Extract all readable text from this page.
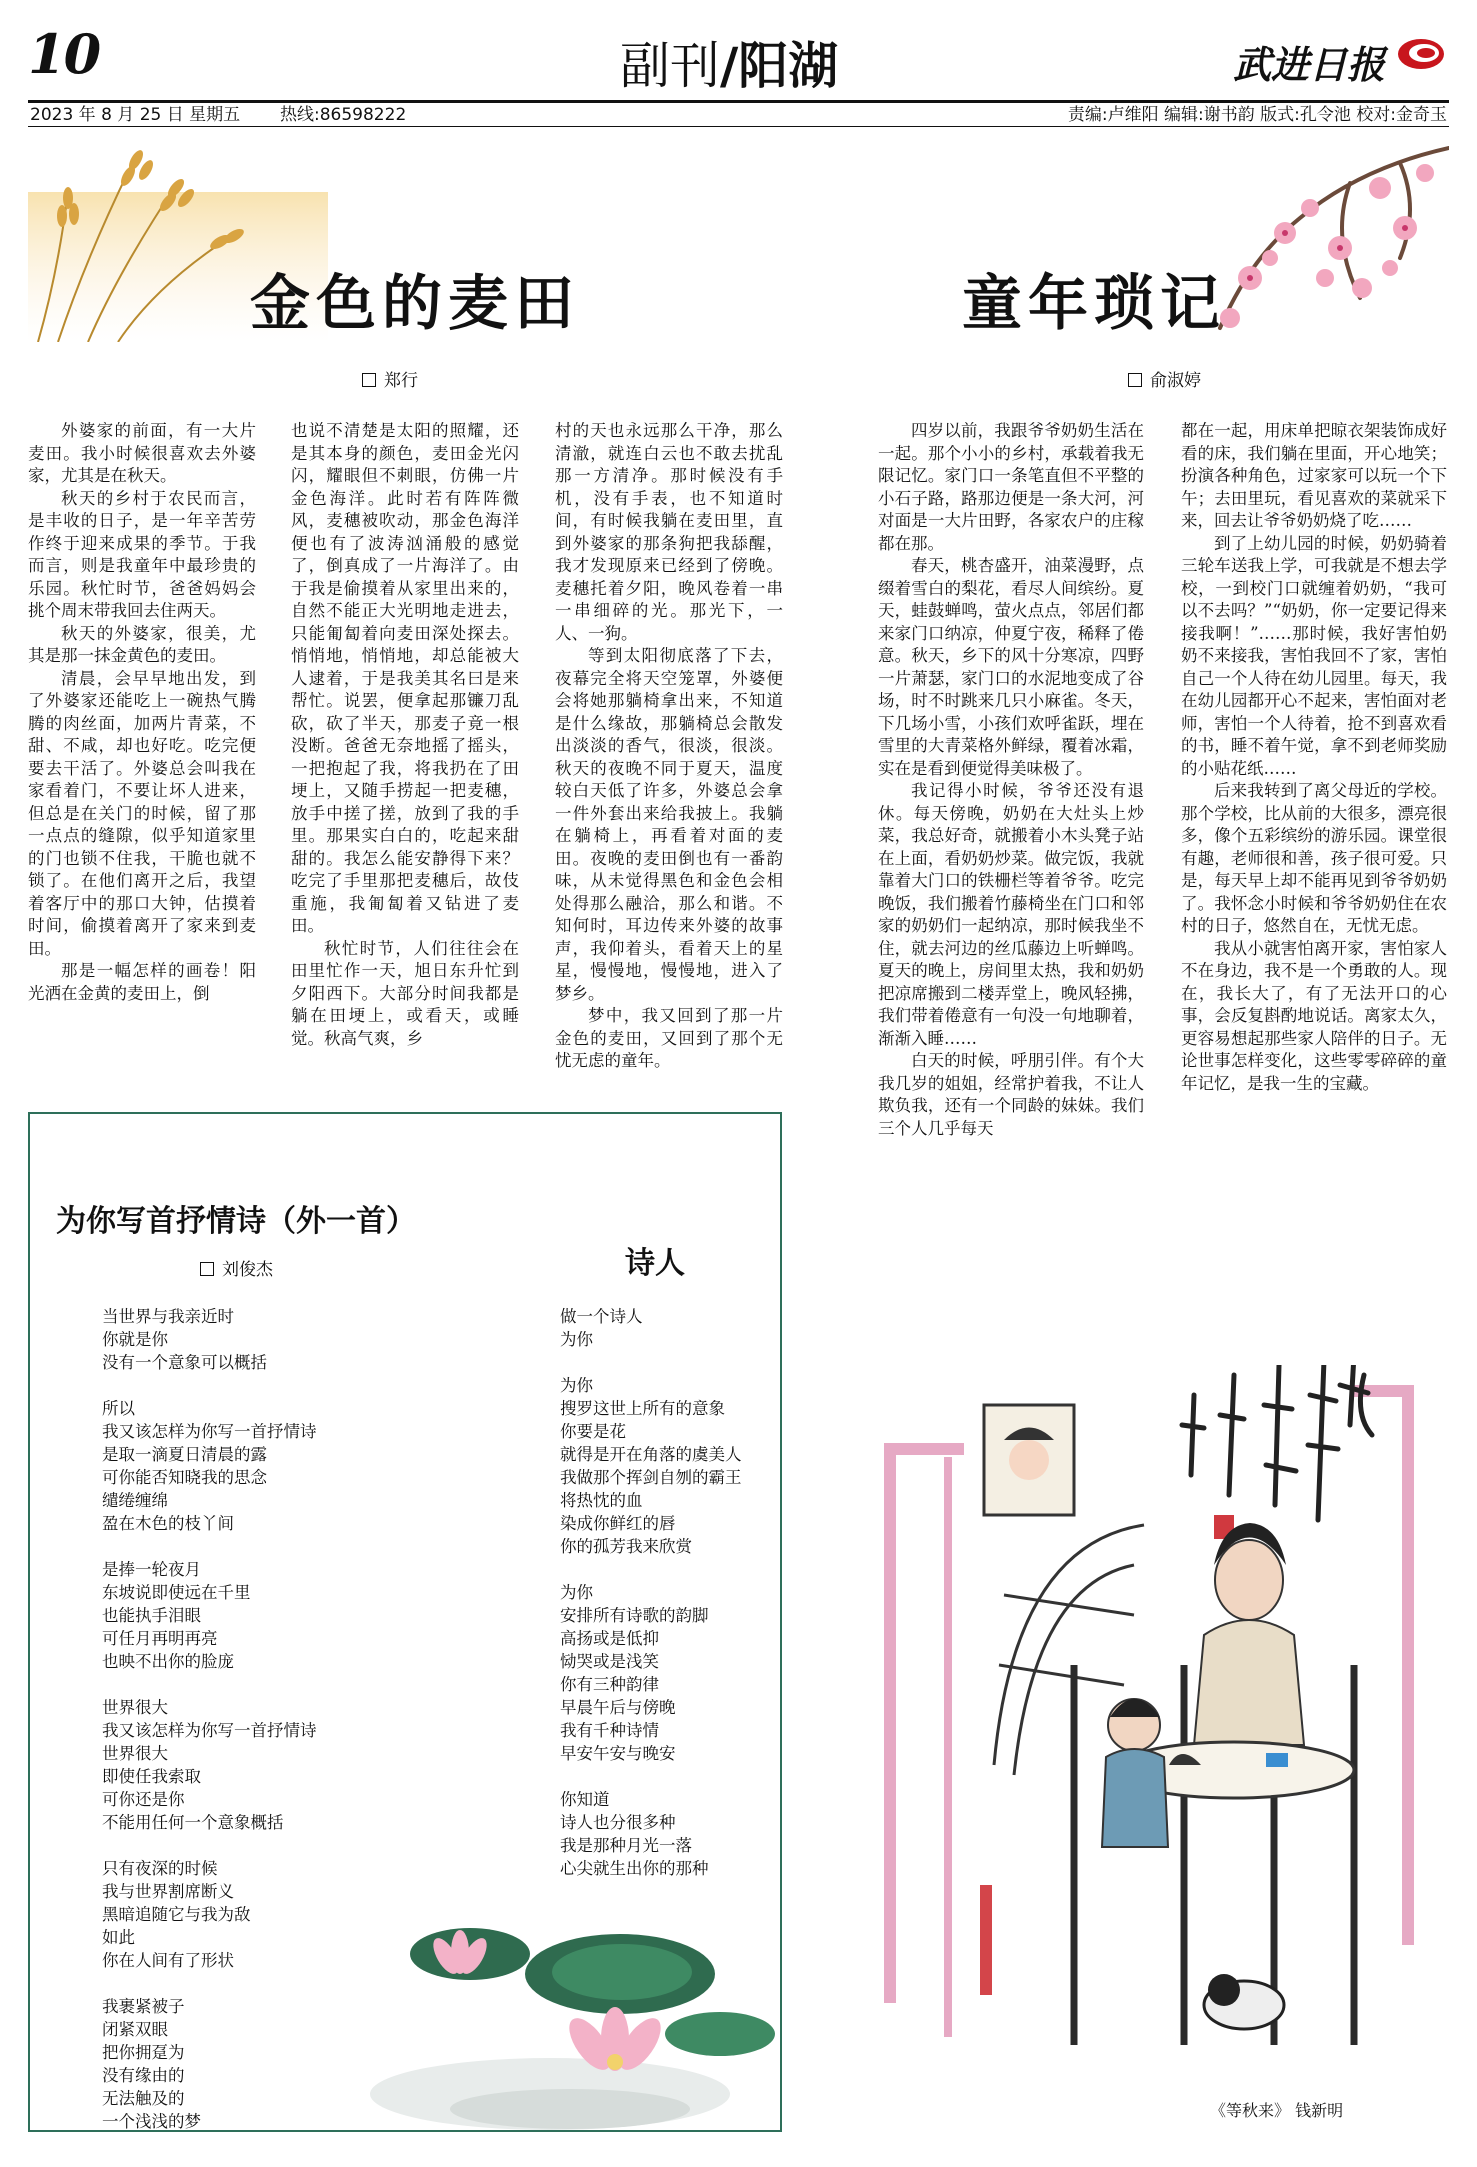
10	副刊/阳湖	武进日报
2023 年 8 月 25 日 星期五 热线:86598222	责编:卢维阳 编辑:谢书韵 版式:孔令池 校对:金奇玉
金色的麦田
郑行

外婆家的前面，有一大片麦田。我小时候很喜欢去外婆家，尤其是在秋天。

秋天的乡村于农民而言，是丰收的日子，是一年辛苦劳作终于迎来成果的季节。于我而言，则是我童年中最珍贵的乐园。秋忙时节，爸爸妈妈会挑个周末带我回去住两天。

秋天的外婆家，很美，尤其是那一抹金黄色的麦田。

清晨，会早早地出发，到了外婆家还能吃上一碗热气腾腾的肉丝面，加两片青菜，不甜、不咸，却也好吃。吃完便要去干活了。外婆总会叫我在家看着门，不要让坏人进来，但总是在关门的时候，留了那一点点的缝隙，似乎知道家里的门也锁不住我，干脆也就不锁了。在他们离开之后，我望着客厅中的那口大钟，估摸着时间，偷摸着离开了家来到麦田。

那是一幅怎样的画卷！阳光洒在金黄的麦田上，倒

也说不清楚是太阳的照耀，还是其本身的颜色，麦田金光闪闪，耀眼但不刺眼，仿佛一片金色海洋。此时若有阵阵微风，麦穗被吹动，那金色海洋便也有了波涛汹涌般的感觉了，倒真成了一片海洋了。由于我是偷摸着从家里出来的，自然不能正大光明地走进去，只能匍匐着向麦田深处探去。悄悄地，悄悄地，却总能被大人逮着，于是我美其名曰是来帮忙。说罢，便拿起那镰刀乱砍，砍了半天，那麦子竟一根没断。爸爸无奈地摇了摇头，一把抱起了我，将我扔在了田埂上，又随手捞起一把麦穗，放手中搓了搓，放到了我的手里。那果实白白的，吃起来甜甜的。我怎么能安静得下来？吃完了手里那把麦穗后，故伎重施，我匍匐着又钻进了麦田。

秋忙时节，人们往往会在田里忙作一天，旭日东升忙到夕阳西下。大部分时间我都是躺在田埂上，或看天，或睡觉。秋高气爽，乡

村的天也永远那么干净，那么清澈，就连白云也不敢去扰乱那一方清净。那时候没有手机，没有手表，也不知道时间，有时候我躺在麦田里，直到外婆家的那条狗把我舔醒，我才发现原来已经到了傍晚。麦穗托着夕阳，晚风卷着一串一串细碎的光。那光下，一人、一狗。

等到太阳彻底落了下去，夜幕完全将天空笼罩，外婆便会将她那躺椅拿出来，不知道是什么缘故，那躺椅总会散发出淡淡的香气，很淡，很淡。秋天的夜晚不同于夏天，温度较白天低了许多，外婆总会拿一件外套出来给我披上。我躺在躺椅上，再看着对面的麦田。夜晚的麦田倒也有一番韵味，从未觉得黑色和金色会相处得那么融洽，那么和谐。不知何时，耳边传来外婆的故事声，我仰着头，看着天上的星星，慢慢地，慢慢地，进入了梦乡。

梦中，我又回到了那一片金色的麦田，又回到了那个无忧无虑的童年。

童年琐记
俞淑婷

四岁以前，我跟爷爷奶奶生活在一起。那个小小的乡村，承载着我无限记忆。家门口一条笔直但不平整的小石子路，路那边便是一条大河，河对面是一大片田野，各家农户的庄稼都在那。

春天，桃杏盛开，油菜漫野，点缀着雪白的梨花，看尽人间缤纷。夏天，蛙鼓蝉鸣，萤火点点，邻居们都来家门口纳凉，仲夏宁夜，稀释了倦意。秋天，乡下的风十分寒凉，四野一片萧瑟，家门口的水泥地变成了谷场，时不时跳来几只小麻雀。冬天，下几场小雪，小孩们欢呼雀跃，埋在雪里的大青菜格外鲜绿，覆着冰霜，实在是看到便觉得美味极了。

我记得小时候，爷爷还没有退休。每天傍晚，奶奶在大灶头上炒菜，我总好奇，就搬着小木头凳子站在上面，看奶奶炒菜。做完饭，我就靠着大门口的铁栅栏等着爷爷。吃完晚饭，我们搬着竹藤椅坐在门口和邻家的奶奶们一起纳凉，那时候我坐不住，就去河边的丝瓜藤边上听蝉鸣。夏天的晚上，房间里太热，我和奶奶把凉席搬到二楼弄堂上，晚风轻拂，我们带着倦意有一句没一句地聊着，渐渐入睡……

白天的时候，呼朋引伴。有个大我几岁的姐姐，经常护着我，不让人欺负我，还有一个同龄的妹妹。我们三个人几乎每天

都在一起，用床单把晾衣架装饰成好看的床，我们躺在里面，开心地笑；扮演各种角色，过家家可以玩一个下午；去田里玩，看见喜欢的菜就采下来，回去让爷爷奶奶烧了吃……

到了上幼儿园的时候，奶奶骑着三轮车送我上学，可我就是不想去学校，一到校门口就缠着奶奶，“我可以不去吗？”“奶奶，你一定要记得来接我啊！”……那时候，我好害怕奶奶不来接我，害怕我回不了家，害怕自己一个人待在幼儿园里。每天，我在幼儿园都开心不起来，害怕面对老师，害怕一个人待着，抢不到喜欢看的书，睡不着午觉，拿不到老师奖励的小贴花纸……

后来我转到了离父母近的学校。那个学校，比从前的大很多，漂亮很多，像个五彩缤纷的游乐园。课堂很有趣，老师很和善，孩子很可爱。只是，每天早上却不能再见到爷爷奶奶了。我怀念小时候和爷爷奶奶住在农村的日子，悠然自在，无忧无虑。

我从小就害怕离开家，害怕家人不在身边，我不是一个勇敢的人。现在，我长大了，有了无法开口的心事，会反复斟酌地说话。离家太久，更容易想起那些家人陪伴的日子。无论世事怎样变化，这些零零碎碎的童年记忆，是我一生的宝藏。

为你写首抒情诗（外一首）
刘俊杰	诗人
当世界与我亲近时
你就是你
没有一个意象可以概括
所以
我又该怎样为你写一首抒情诗
是取一滴夏日清晨的露
可你能否知晓我的思念
缱绻缠绵
盈在木色的枝丫间
是捧一轮夜月
东坡说即使远在千里
也能执手泪眼
可任月再明再亮
也映不出你的脸庞
世界很大
我又该怎样为你写一首抒情诗
世界很大
即使任我索取
可你还是你
不能用任何一个意象概括
只有夜深的时候
我与世界割席断义
黑暗追随它与我为敌
如此
你在人间有了形状
我裹紧被子
闭紧双眼
把你拥趸为
没有缘由的
无法触及的
一个浅浅的梦
做一个诗人
为你
为你
搜罗这世上所有的意象
你要是花
就得是开在角落的虞美人
我做那个挥剑自刎的霸王
将热忱的血
染成你鲜红的唇
你的孤芳我来欣赏
为你
安排所有诗歌的韵脚
高扬或是低抑
恸哭或是浅笑
你有三种韵律
早晨午后与傍晚
我有千种诗情
早安午安与晚安
你知道
诗人也分很多种
我是那种月光一落
心尖就生出你的那种
《等秋来》 钱新明
